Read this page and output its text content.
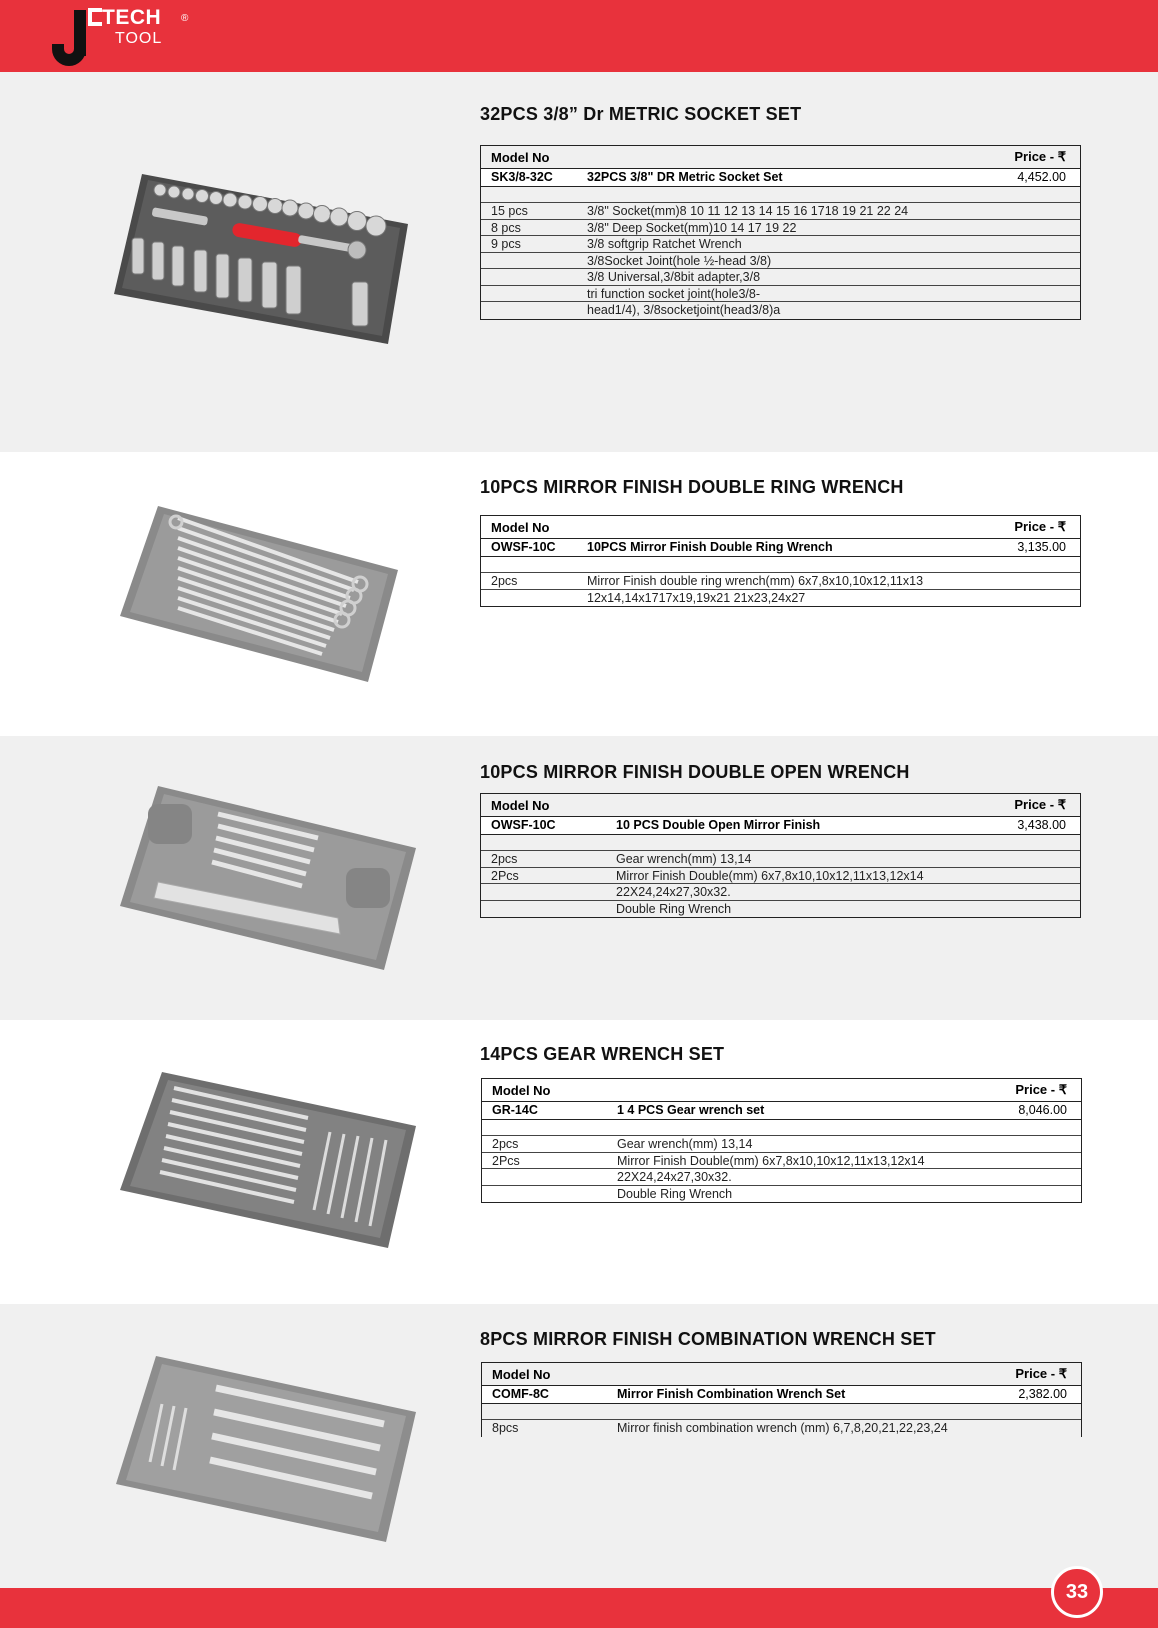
TECH
TOOL
®
32PCS 3/8” Dr METRIC SOCKET SET
Model No	Price - ₹
SK3/8-32C	32PCS 3/8" DR Metric Socket Set	4,452.00
15 pcs	3/8" Socket(mm)8 10 11 12 13 14 15 16 1718 19 21 22 24
8 pcs	3/8" Deep Socket(mm)10 14 17 19 22
9 pcs	3/8 softgrip Ratchet Wrench
3/8Socket Joint(hole ½-head 3/8)
3/8 Universal,3/8bit adapter,3/8
tri function socket joint(hole3/8-
head1/4), 3/8socketjoint(head3/8)a
10PCS MIRROR FINISH DOUBLE RING WRENCH
Model No	Price - ₹
OWSF-10C	10PCS Mirror Finish Double Ring Wrench	3,135.00
2pcs	Mirror Finish double ring wrench(mm) 6x7,8x10,10x12,11x13
12x14,14x1717x19,19x21 21x23,24x27
10PCS MIRROR FINISH DOUBLE OPEN WRENCH
Model No	Price - ₹
OWSF-10C	10 PCS Double Open Mirror Finish	3,438.00
2pcs	Gear wrench(mm) 13,14
2Pcs	Mirror Finish Double(mm) 6x7,8x10,10x12,11x13,12x14
22X24,24x27,30x32.
Double Ring Wrench
14PCS GEAR WRENCH SET
Model No	Price - ₹
GR-14C	1 4 PCS Gear wrench set	8,046.00
2pcs	Gear wrench(mm) 13,14
2Pcs	Mirror Finish Double(mm) 6x7,8x10,10x12,11x13,12x14
22X24,24x27,30x32.
Double Ring Wrench
8PCS MIRROR FINISH COMBINATION WRENCH SET
Model No	Price - ₹
COMF-8C	Mirror Finish Combination Wrench Set	2,382.00
8pcs	Mirror finish combination wrench (mm) 6,7,8,20,21,22,23,24
33
